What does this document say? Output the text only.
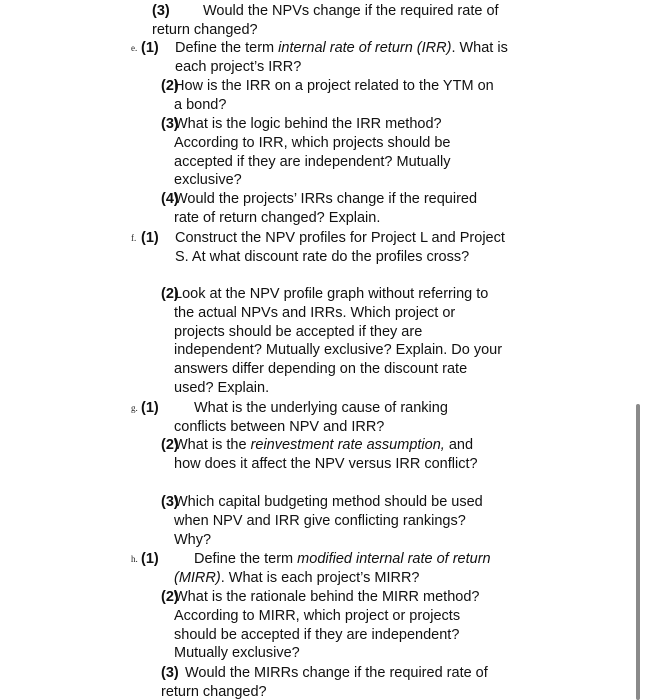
(3)	Would the NPVs change if the required rate of return changed?
e. (1)	Define the term internal rate of return (IRR). What is each project’s IRR?
(2)
How is the IRR on a project related to the YTM on a bond?
(3)
What is the logic behind the IRR method? According to IRR, which projects should be accepted if they are independent? Mutually exclusive?
(4)
Would the projects’ IRRs change if the required rate of return changed? Explain.
f. (1)	Construct the NPV profiles for Project L and Project S. At what discount rate do the profiles cross?
(2)
Look at the NPV profile graph without referring to the actual NPVs and IRRs. Which project or projects should be accepted if they are independent? Mutually exclusive? Explain. Do your answers differ depending on the discount rate used? Explain.
g. (1)	What is the underlying cause of ranking conflicts between NPV and IRR?
(2)
What is the reinvestment rate assumption, and how does it affect the NPV versus IRR conflict?
(3)
Which capital budgeting method should be used when NPV and IRR give conflicting rankings? Why?
h. (1)	Define the term modified internal rate of return (MIRR). What is each project’s MIRR?
(2)
What is the rationale behind the MIRR method? According to MIRR, which project or projects should be accepted if they are independent? Mutually exclusive?
(3) Would the MIRRs change if the required rate of return changed?
